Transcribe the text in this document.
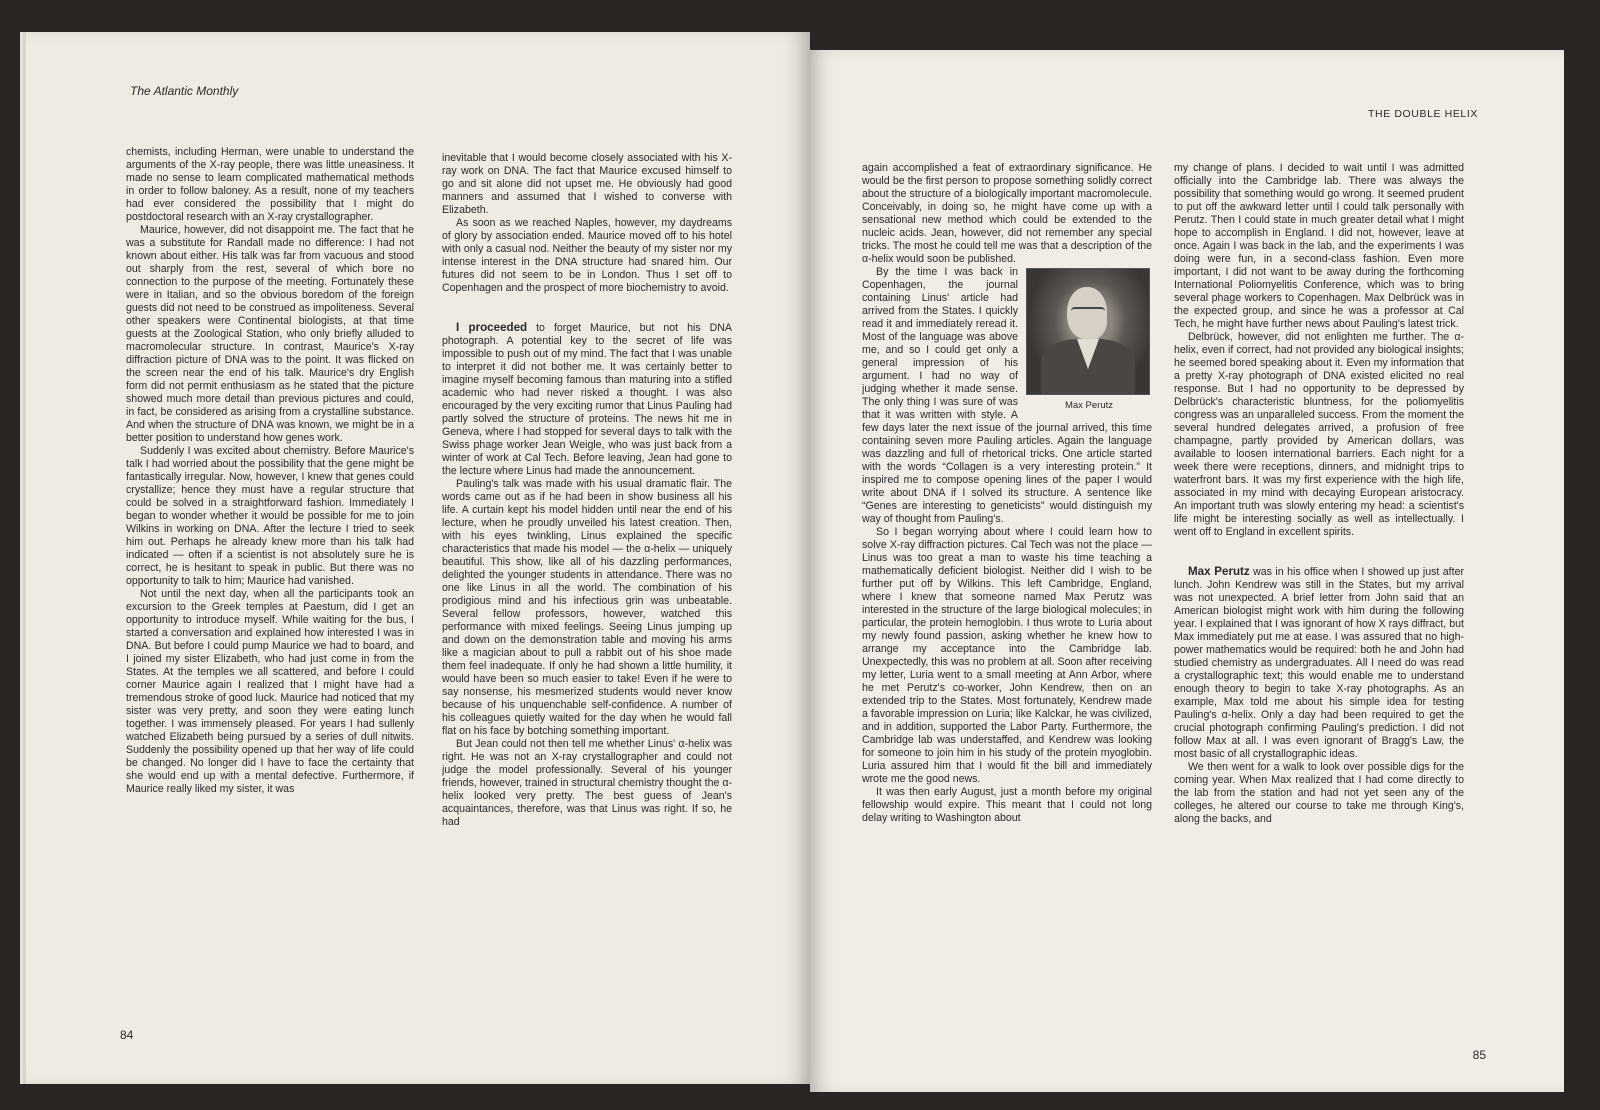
The Atlantic Monthly

chemists, including Herman, were unable to understand the arguments of the X-ray people, there was little uneasiness. It made no sense to learn complicated mathematical methods in order to follow baloney. As a result, none of my teachers had ever considered the possibility that I might do postdoctoral research with an X-ray crystallographer.

Maurice, however, did not disappoint me. The fact that he was a substitute for Randall made no difference: I had not known about either. His talk was far from vacuous and stood out sharply from the rest, several of which bore no connection to the purpose of the meeting. Fortunately these were in Italian, and so the obvious boredom of the foreign guests did not need to be construed as impoliteness. Several other speakers were Continental biologists, at that time guests at the Zoological Station, who only briefly alluded to macromolecular structure. In contrast, Maurice's X-ray diffraction picture of DNA was to the point. It was flicked on the screen near the end of his talk. Maurice's dry English form did not permit enthusiasm as he stated that the picture showed much more detail than previous pictures and could, in fact, be considered as arising from a crystalline substance. And when the structure of DNA was known, we might be in a better position to understand how genes work.

Suddenly I was excited about chemistry. Before Maurice's talk I had worried about the possibility that the gene might be fantastically irregular. Now, however, I knew that genes could crystallize; hence they must have a regular structure that could be solved in a straightforward fashion. Immediately I began to wonder whether it would be possible for me to join Wilkins in working on DNA. After the lecture I tried to seek him out. Perhaps he already knew more than his talk had indicated — often if a scientist is not absolutely sure he is correct, he is hesitant to speak in public. But there was no opportunity to talk to him; Maurice had vanished.

Not until the next day, when all the participants took an excursion to the Greek temples at Paestum, did I get an opportunity to introduce myself. While waiting for the bus, I started a conversation and explained how interested I was in DNA. But before I could pump Maurice we had to board, and I joined my sister Elizabeth, who had just come in from the States. At the temples we all scattered, and before I could corner Maurice again I realized that I might have had a tremendous stroke of good luck. Maurice had noticed that my sister was very pretty, and soon they were eating lunch together. I was immensely pleased. For years I had sullenly watched Elizabeth being pursued by a series of dull nitwits. Suddenly the possibility opened up that her way of life could be changed. No longer did I have to face the certainty that she would end up with a mental defective. Furthermore, if Maurice really liked my sister, it was

inevitable that I would become closely associated with his X-ray work on DNA. The fact that Maurice excused himself to go and sit alone did not upset me. He obviously had good manners and assumed that I wished to converse with Elizabeth.

As soon as we reached Naples, however, my daydreams of glory by association ended. Maurice moved off to his hotel with only a casual nod. Neither the beauty of my sister nor my intense interest in the DNA structure had snared him. Our futures did not seem to be in London. Thus I set off to Copenhagen and the prospect of more biochemistry to avoid.

I proceeded to forget Maurice, but not his DNA photograph. A potential key to the secret of life was impossible to push out of my mind. The fact that I was unable to interpret it did not bother me. It was certainly better to imagine myself becoming famous than maturing into a stifled academic who had never risked a thought. I was also encouraged by the very exciting rumor that Linus Pauling had partly solved the structure of proteins. The news hit me in Geneva, where I had stopped for several days to talk with the Swiss phage worker Jean Weigle, who was just back from a winter of work at Cal Tech. Before leaving, Jean had gone to the lecture where Linus had made the announcement.

Pauling's talk was made with his usual dramatic flair. The words came out as if he had been in show business all his life. A curtain kept his model hidden until near the end of his lecture, when he proudly unveiled his latest creation. Then, with his eyes twinkling, Linus explained the specific characteristics that made his model — the α-helix — uniquely beautiful. This show, like all of his dazzling performances, delighted the younger students in attendance. There was no one like Linus in all the world. The combination of his prodigious mind and his infectious grin was unbeatable. Several fellow professors, however, watched this performance with mixed feelings. Seeing Linus jumping up and down on the demonstration table and moving his arms like a magician about to pull a rabbit out of his shoe made them feel inadequate. If only he had shown a little humility, it would have been so much easier to take! Even if he were to say nonsense, his mesmerized students would never know because of his unquenchable self-confidence. A number of his colleagues quietly waited for the day when he would fall flat on his face by botching something important.

But Jean could not then tell me whether Linus' α-helix was right. He was not an X-ray crystallographer and could not judge the model professionally. Several of his younger friends, however, trained in structural chemistry thought the α-helix looked very pretty. The best guess of Jean's acquaintances, therefore, was that Linus was right. If so, he had

84
THE DOUBLE HELIX

again accomplished a feat of extraordinary significance. He would be the first person to propose something solidly correct about the structure of a biologically important macromolecule. Conceivably, in doing so, he might have come up with a sensational new method which could be extended to the nucleic acids. Jean, however, did not remember any special tricks. The most he could tell me was that a description of the α-helix would soon be published.

Max Perutz

By the time I was back in Copenhagen, the journal containing Linus' article had arrived from the States. I quickly read it and immediately reread it. Most of the language was above me, and so I could get only a general impression of his argument. I had no way of judging whether it made sense. The only thing I was sure of was that it was written with style. A few days later the next issue of the journal arrived, this time containing seven more Pauling articles. Again the language was dazzling and full of rhetorical tricks. One article started with the words “Collagen is a very interesting protein.” It inspired me to compose opening lines of the paper I would write about DNA if I solved its structure. A sentence like “Genes are interesting to geneticists” would distinguish my way of thought from Pauling's.

So I began worrying about where I could learn how to solve X-ray diffraction pictures. Cal Tech was not the place — Linus was too great a man to waste his time teaching a mathematically deficient biologist. Neither did I wish to be further put off by Wilkins. This left Cambridge, England, where I knew that someone named Max Perutz was interested in the structure of the large biological molecules; in particular, the protein hemoglobin. I thus wrote to Luria about my newly found passion, asking whether he knew how to arrange my acceptance into the Cambridge lab. Unexpectedly, this was no problem at all. Soon after receiving my letter, Luria went to a small meeting at Ann Arbor, where he met Perutz's co-worker, John Kendrew, then on an extended trip to the States. Most fortunately, Kendrew made a favorable impression on Luria; like Kalckar, he was civilized, and in addition, supported the Labor Party. Furthermore, the Cambridge lab was understaffed, and Kendrew was looking for someone to join him in his study of the protein myoglobin. Luria assured him that I would fit the bill and immediately wrote me the good news.

It was then early August, just a month before my original fellowship would expire. This meant that I could not long delay writing to Washington about

my change of plans. I decided to wait until I was admitted officially into the Cambridge lab. There was always the possibility that something would go wrong. It seemed prudent to put off the awkward letter until I could talk personally with Perutz. Then I could state in much greater detail what I might hope to accomplish in England. I did not, however, leave at once. Again I was back in the lab, and the experiments I was doing were fun, in a second-class fashion. Even more important, I did not want to be away during the forthcoming International Poliomyelitis Conference, which was to bring several phage workers to Copenhagen. Max Delbrück was in the expected group, and since he was a professor at Cal Tech, he might have further news about Pauling's latest trick.

Delbrück, however, did not enlighten me further. The α-helix, even if correct, had not provided any biological insights; he seemed bored speaking about it. Even my information that a pretty X-ray photograph of DNA existed elicited no real response. But I had no opportunity to be depressed by Delbrück's characteristic bluntness, for the poliomyelitis congress was an unparalleled success. From the moment the several hundred delegates arrived, a profusion of free champagne, partly provided by American dollars, was available to loosen international barriers. Each night for a week there were receptions, dinners, and midnight trips to waterfront bars. It was my first experience with the high life, associated in my mind with decaying European aristocracy. An important truth was slowly entering my head: a scientist's life might be interesting socially as well as intellectually. I went off to England in excellent spirits.

Max Perutz was in his office when I showed up just after lunch. John Kendrew was still in the States, but my arrival was not unexpected. A brief letter from John said that an American biologist might work with him during the following year. I explained that I was ignorant of how X rays diffract, but Max immediately put me at ease. I was assured that no high-power mathematics would be required: both he and John had studied chemistry as undergraduates. All I need do was read a crystallographic text; this would enable me to understand enough theory to begin to take X-ray photographs. As an example, Max told me about his simple idea for testing Pauling's α-helix. Only a day had been required to get the crucial photograph confirming Pauling's prediction. I did not follow Max at all. I was even ignorant of Bragg's Law, the most basic of all crystallographic ideas.

We then went for a walk to look over possible digs for the coming year. When Max realized that I had come directly to the lab from the station and had not yet seen any of the colleges, he altered our course to take me through King's, along the backs, and

85
